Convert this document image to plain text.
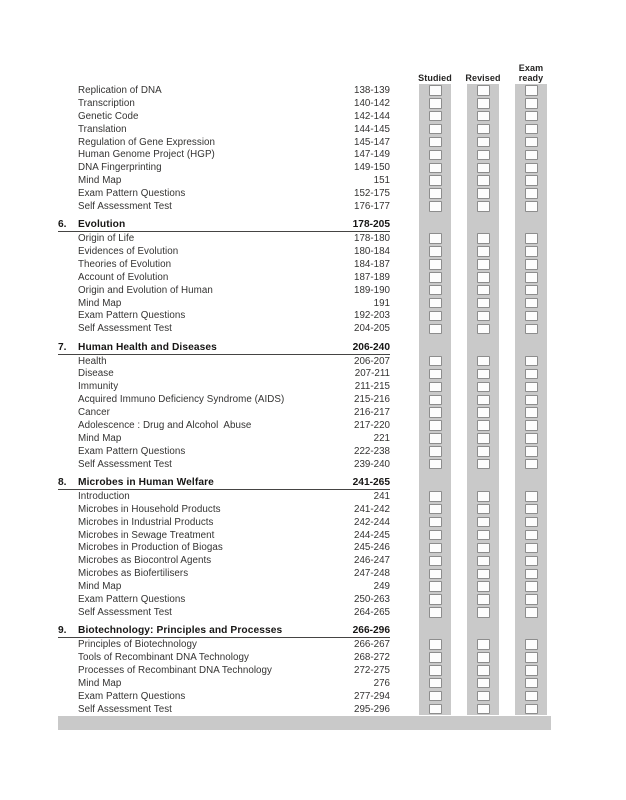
Studied	Revised
Exam ready
Replication of DNA	138-139
Transcription	140-142
Genetic Code	142-144
Translation	144-145
Regulation of Gene Expression	145-147
Human Genome Project (HGP)	147-149
DNA Fingerprinting	149-150
Mind Map	151
Exam Pattern Questions	152-175
Self Assessment Test	176-177
6.	Evolution	178-205
Origin of Life	178-180
Evidences of Evolution	180-184
Theories of Evolution	184-187
Account of Evolution	187-189
Origin and Evolution of Human	189-190
Mind Map	191
Exam Pattern Questions	192-203
Self Assessment Test	204-205
7.	Human Health and Diseases	206-240
Health	206-207
Disease	207-211
Immunity	211-215
Acquired Immuno Deficiency Syndrome (AIDS)	215-216
Cancer	216-217
Adolescence : Drug and Alcohol  Abuse	217-220
Mind Map	221
Exam Pattern Questions	222-238
Self Assessment Test	239-240
8.	Microbes in Human Welfare	241-265
Introduction	241
Microbes in Household Products	241-242
Microbes in Industrial Products	242-244
Microbes in Sewage Treatment	244-245
Microbes in Production of Biogas	245-246
Microbes as Biocontrol Agents	246-247
Microbes as Biofertilisers	247-248
Mind Map	249
Exam Pattern Questions	250-263
Self Assessment Test	264-265
9.	Biotechnology: Principles and Processes	266-296
Principles of Biotechnology	266-267
Tools of Recombinant DNA Technology	268-272
Processes of Recombinant DNA Technology	272-275
Mind Map	276
Exam Pattern Questions	277-294
Self Assessment Test	295-296
